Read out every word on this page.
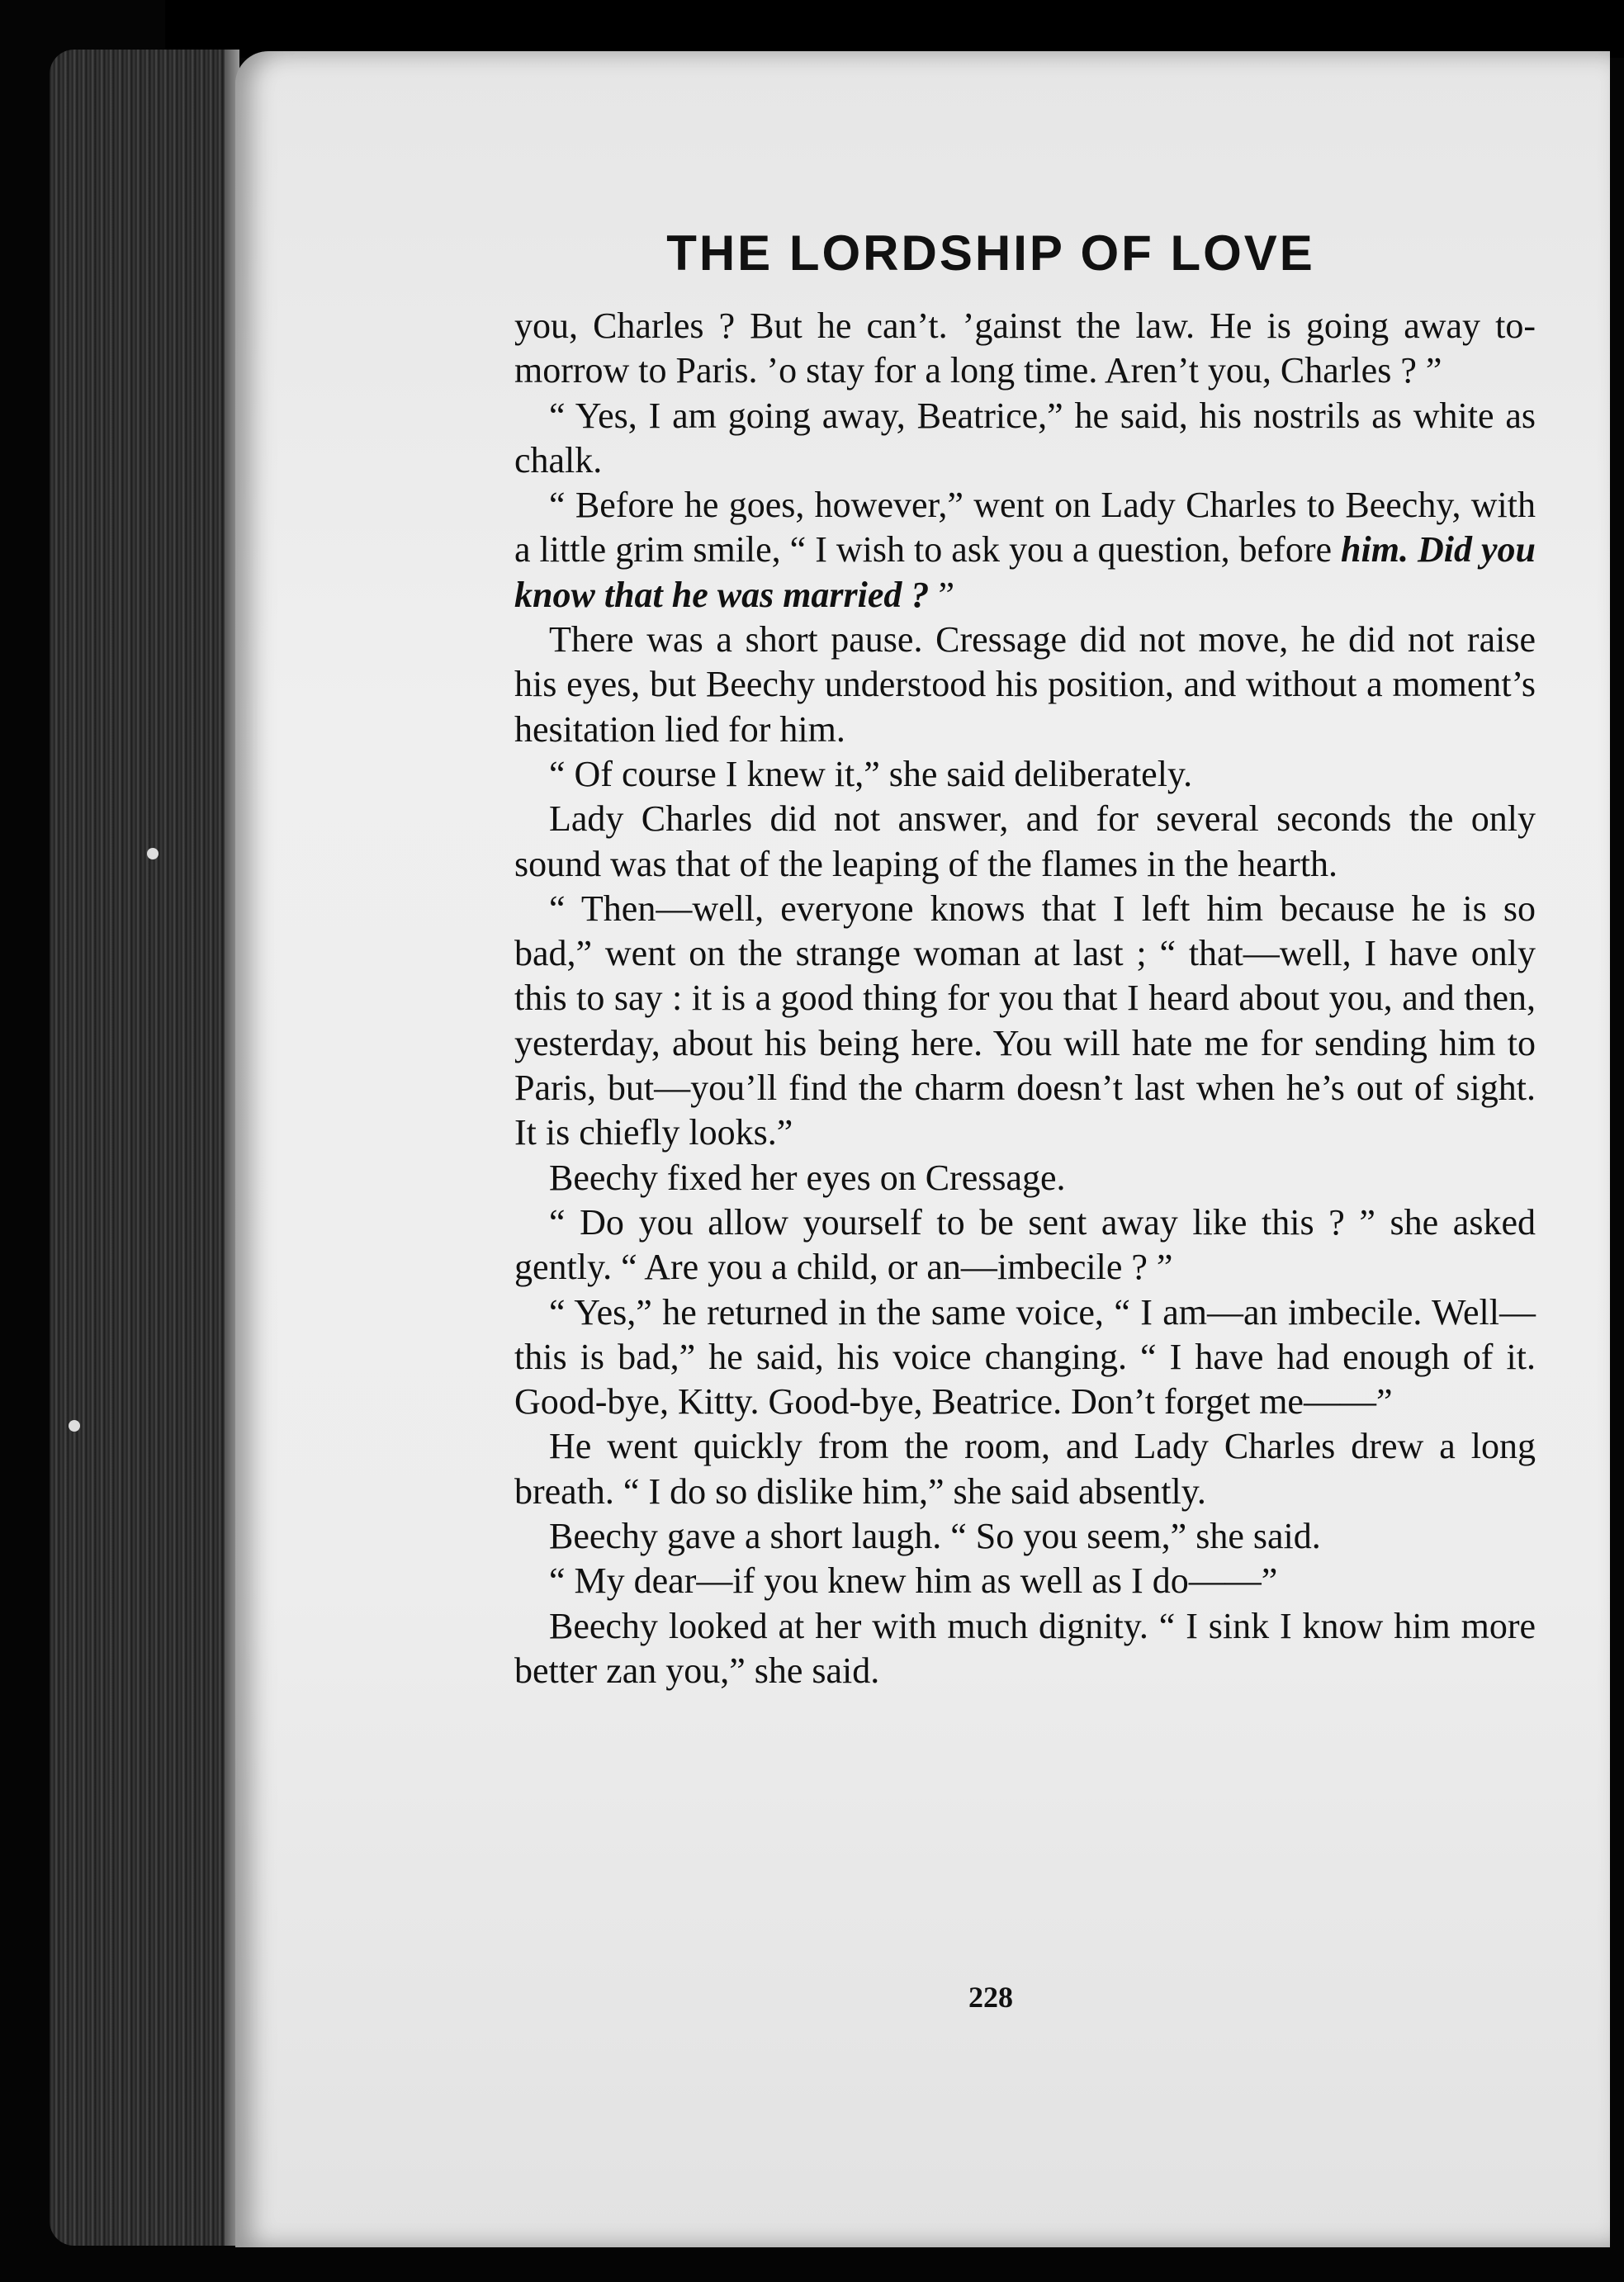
THE LORDSHIP OF LOVE

you, Charles ? But he can’t. ’gainst the law. He is going away to-morrow to Paris. ’o stay for a long time. Aren’t you, Charles ? ”

“ Yes, I am going away, Beatrice,” he said, his nostrils as white as chalk.

“ Before he goes, however,” went on Lady Charles to Beechy, with a little grim smile, “ I wish to ask you a question, before him. Did you know that he was married ? ”

There was a short pause. Cressage did not move, he did not raise his eyes, but Beechy understood his position, and without a moment’s hesitation lied for him.

“ Of course I knew it,” she said deliberately.

Lady Charles did not answer, and for several seconds the only sound was that of the leaping of the flames in the hearth.

“ Then—well, everyone knows that I left him because he is so bad,” went on the strange woman at last ; “ that—well, I have only this to say : it is a good thing for you that I heard about you, and then, yesterday, about his being here. You will hate me for sending him to Paris, but—you’ll find the charm doesn’t last when he’s out of sight. It is chiefly looks.”

Beechy fixed her eyes on Cressage.

“ Do you allow yourself to be sent away like this ? ” she asked gently. “ Are you a child, or an—imbecile ? ”

“ Yes,” he returned in the same voice, “ I am—an imbecile. Well—this is bad,” he said, his voice changing. “ I have had enough of it. Good-bye, Kitty. Good-bye, Beatrice. Don’t forget me——”

He went quickly from the room, and Lady Charles drew a long breath. “ I do so dislike him,” she said absently.

Beechy gave a short laugh. “ So you seem,” she said.

“ My dear—if you knew him as well as I do——”

Beechy looked at her with much dignity. “ I sink I know him more better zan you,” she said.

228
